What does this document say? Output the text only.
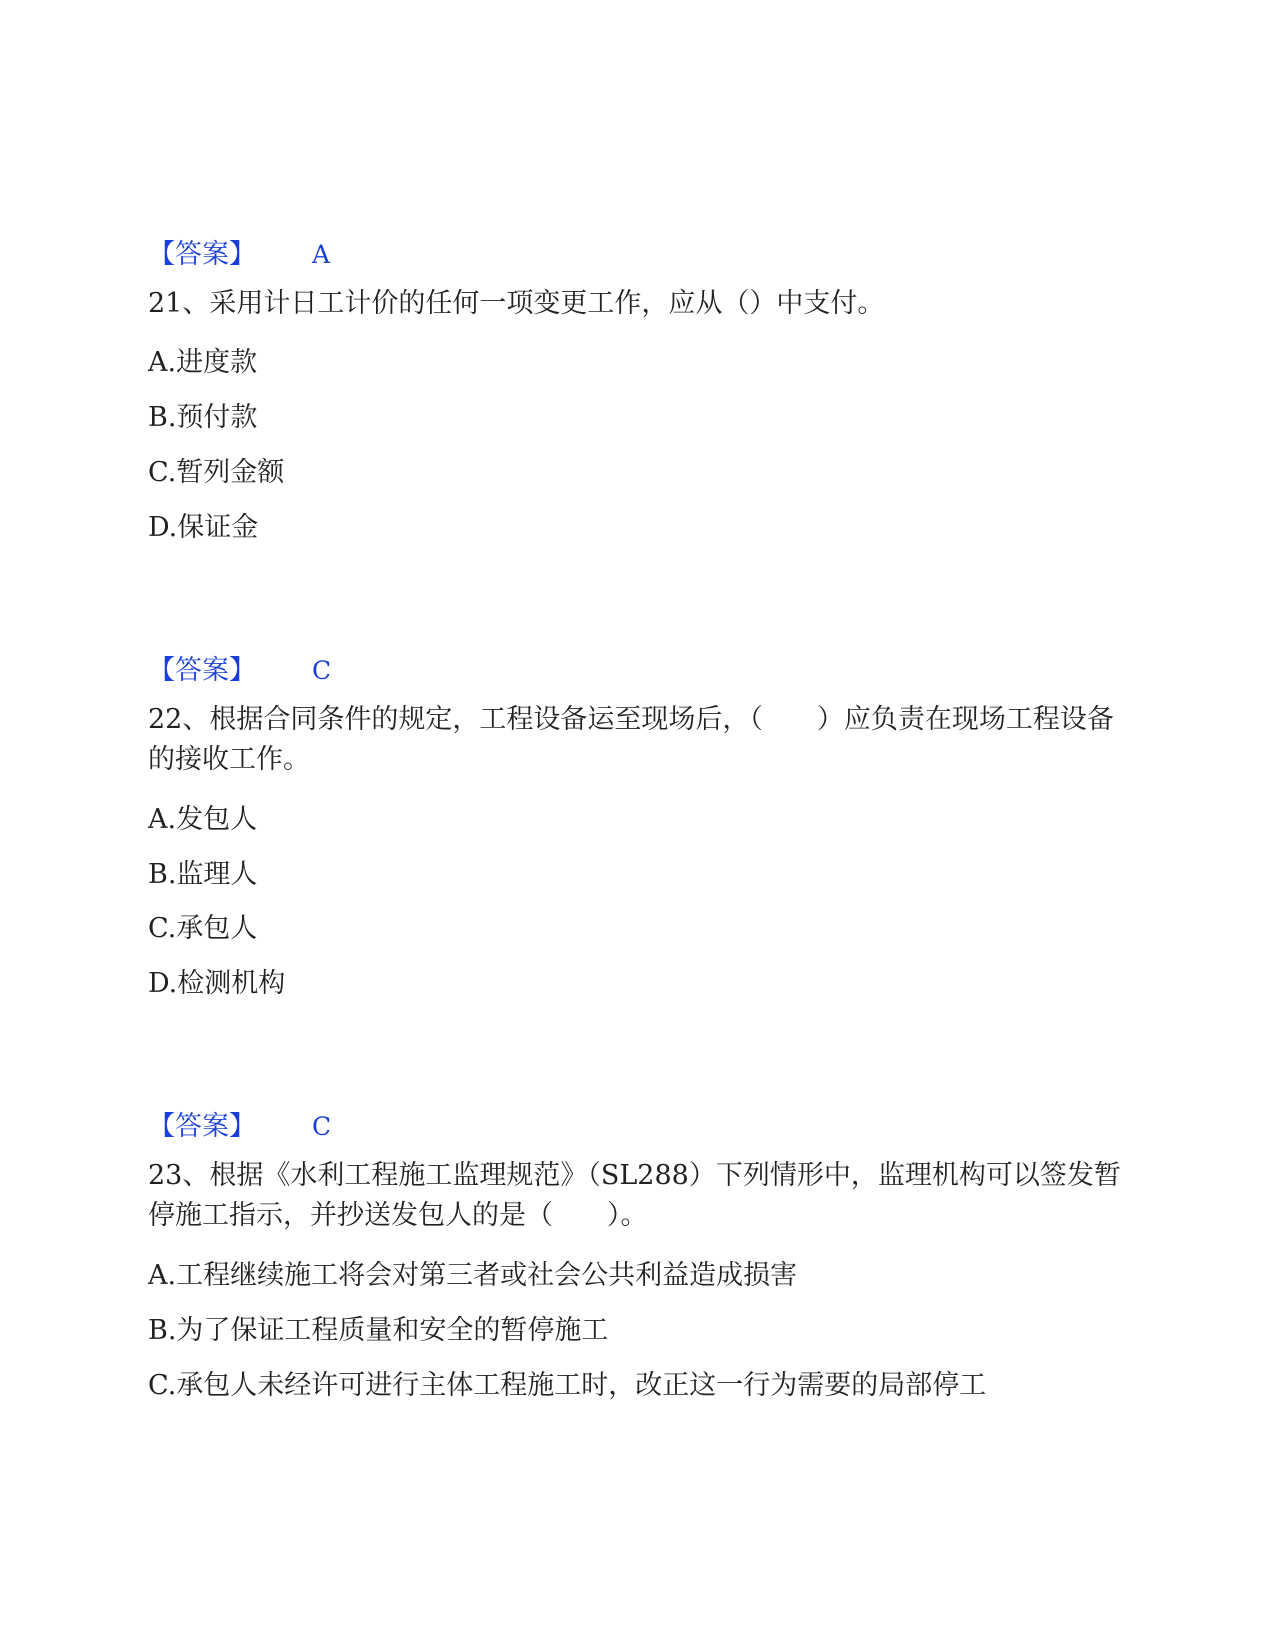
【答案】 A
21、采用计日工计价的任何一项变更工作，应从（）中支付。
A.进度款
B.预付款
C.暂列金额
D.保证金
【答案】 C
22、根据合同条件的规定，工程设备运至现场后，（　　）应负责在现场工程设备的接收工作。
A.发包人
B.监理人
C.承包人
D.检测机构
【答案】 C
23、根据《水利工程施工监理规范》（SL288）下列情形中，监理机构可以签发暂停施工指示，并抄送发包人的是（　　）。
A.工程继续施工将会对第三者或社会公共利益造成损害
B.为了保证工程质量和安全的暂停施工
C.承包人未经许可进行主体工程施工时，改正这一行为需要的局部停工
